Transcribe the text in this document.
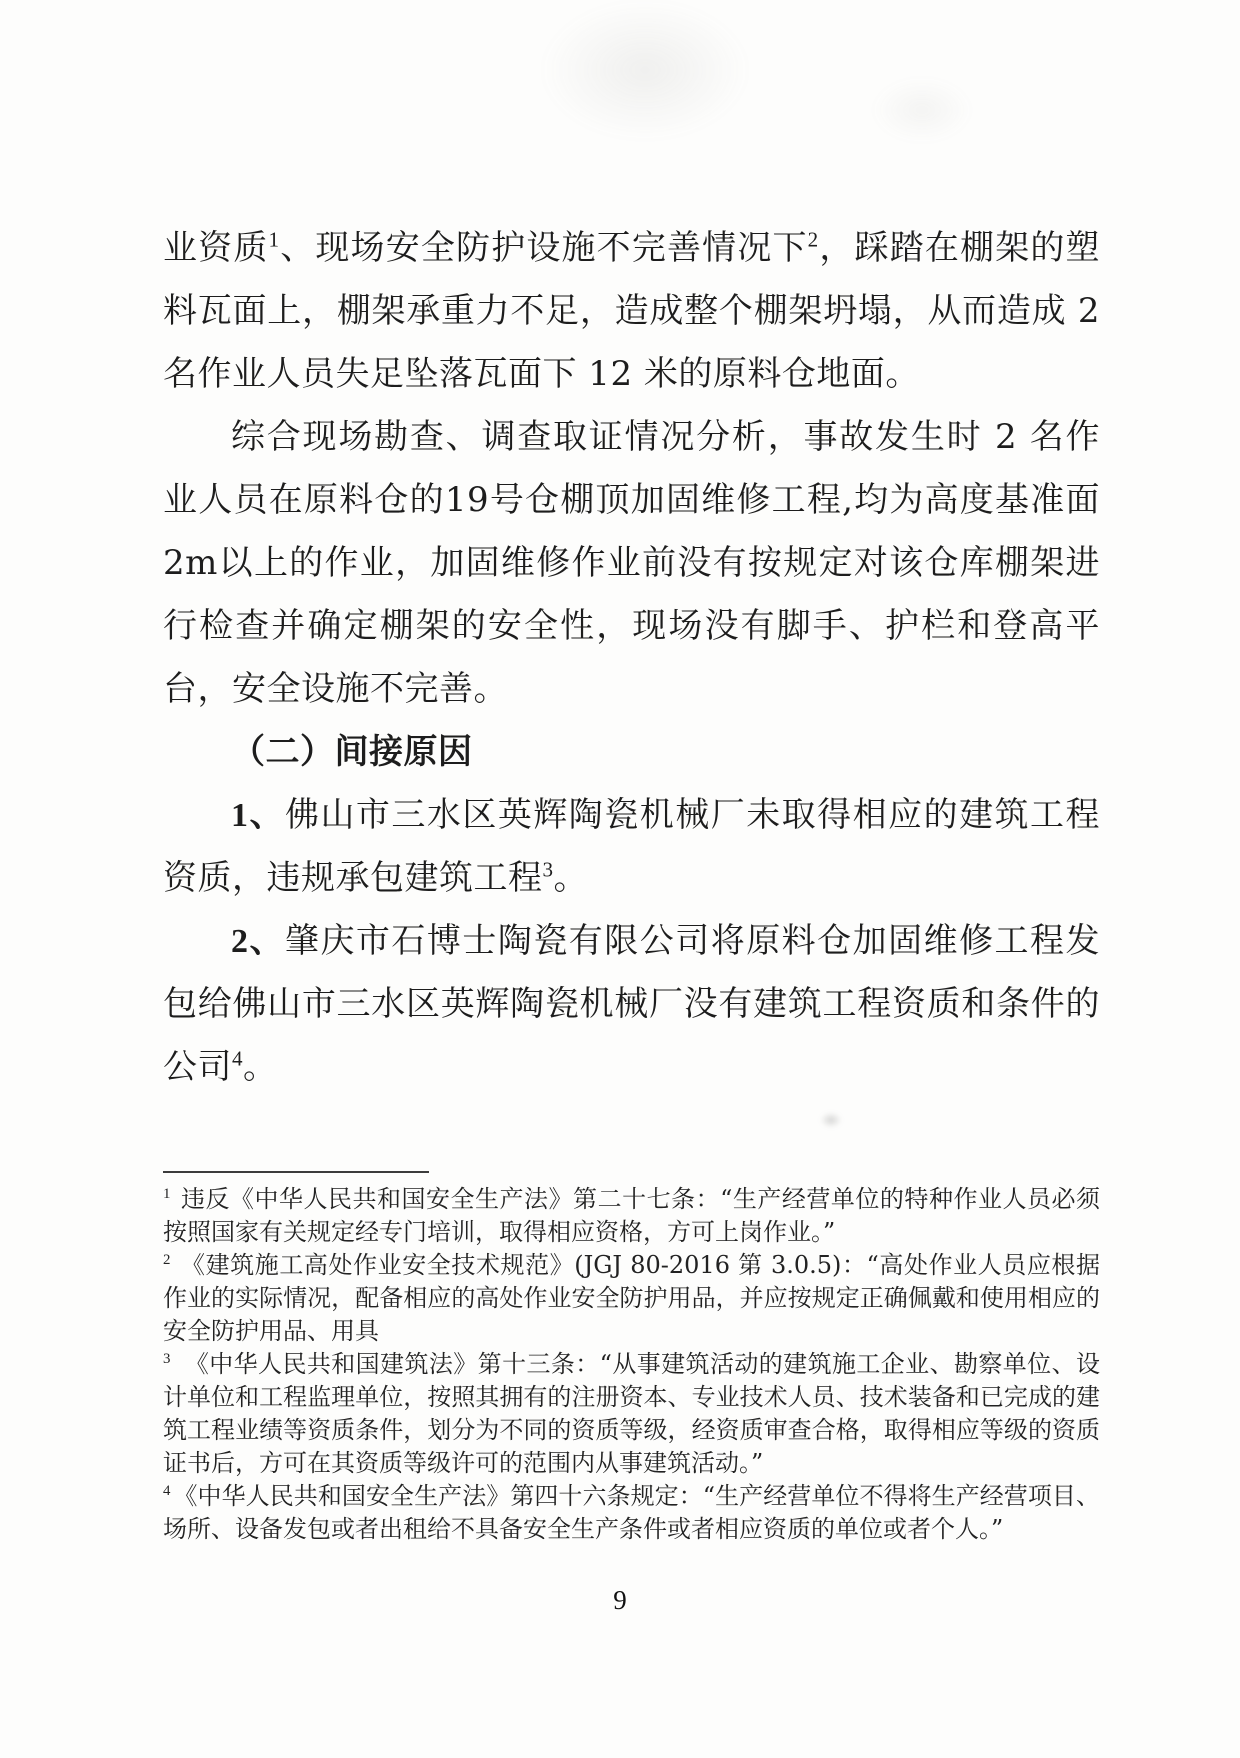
业资质$^1$、现场安全防护设施不完善情况下$^2$，踩踏在棚架的塑料瓦面上，棚架承重力不足，造成整个棚架坍塌，从而造成 2 名作业人员失足坠落瓦面下 12 米的原料仓地面。

综合现场勘查、调查取证情况分析，事故发生时 2 名作业人员在原料仓的19号仓棚顶加固维修工程,均为高度基准面2m以上的作业，加固维修作业前没有按规定对该仓库棚架进行检查并确定棚架的安全性，现场没有脚手、护栏和登高平台，安全设施不完善。

（二）间接原因

1、佛山市三水区英辉陶瓷机械厂未取得相应的建筑工程资质，违规承包建筑工程$^3$。

2、肇庆市石博士陶瓷有限公司将原料仓加固维修工程发包给佛山市三水区英辉陶瓷机械厂没有建筑工程资质和条件的公司$^4$。

$^1$ 违反《中华人民共和国安全生产法》第二十七条：“生产经营单位的特种作业人员必须按照国家有关规定经专门培训，取得相应资格，方可上岗作业。”

$^2$ 《建筑施工高处作业安全技术规范》(JGJ 80-2016 第 3.0.5)：“高处作业人员应根据作业的实际情况，配备相应的高处作业安全防护用品，并应按规定正确佩戴和使用相应的安全防护用品、用具

$^3$ 《中华人民共和国建筑法》第十三条：“从事建筑活动的建筑施工企业、勘察单位、设计单位和工程监理单位，按照其拥有的注册资本、专业技术人员、技术装备和已完成的建筑工程业绩等资质条件，划分为不同的资质等级，经资质审查合格，取得相应等级的资质证书后，方可在其资质等级许可的范围内从事建筑活动。”

$^4$ 《中华人民共和国安全生产法》第四十六条规定：“生产经营单位不得将生产经营项目、场所、设备发包或者出租给不具备安全生产条件或者相应资质的单位或者个人。”

9
